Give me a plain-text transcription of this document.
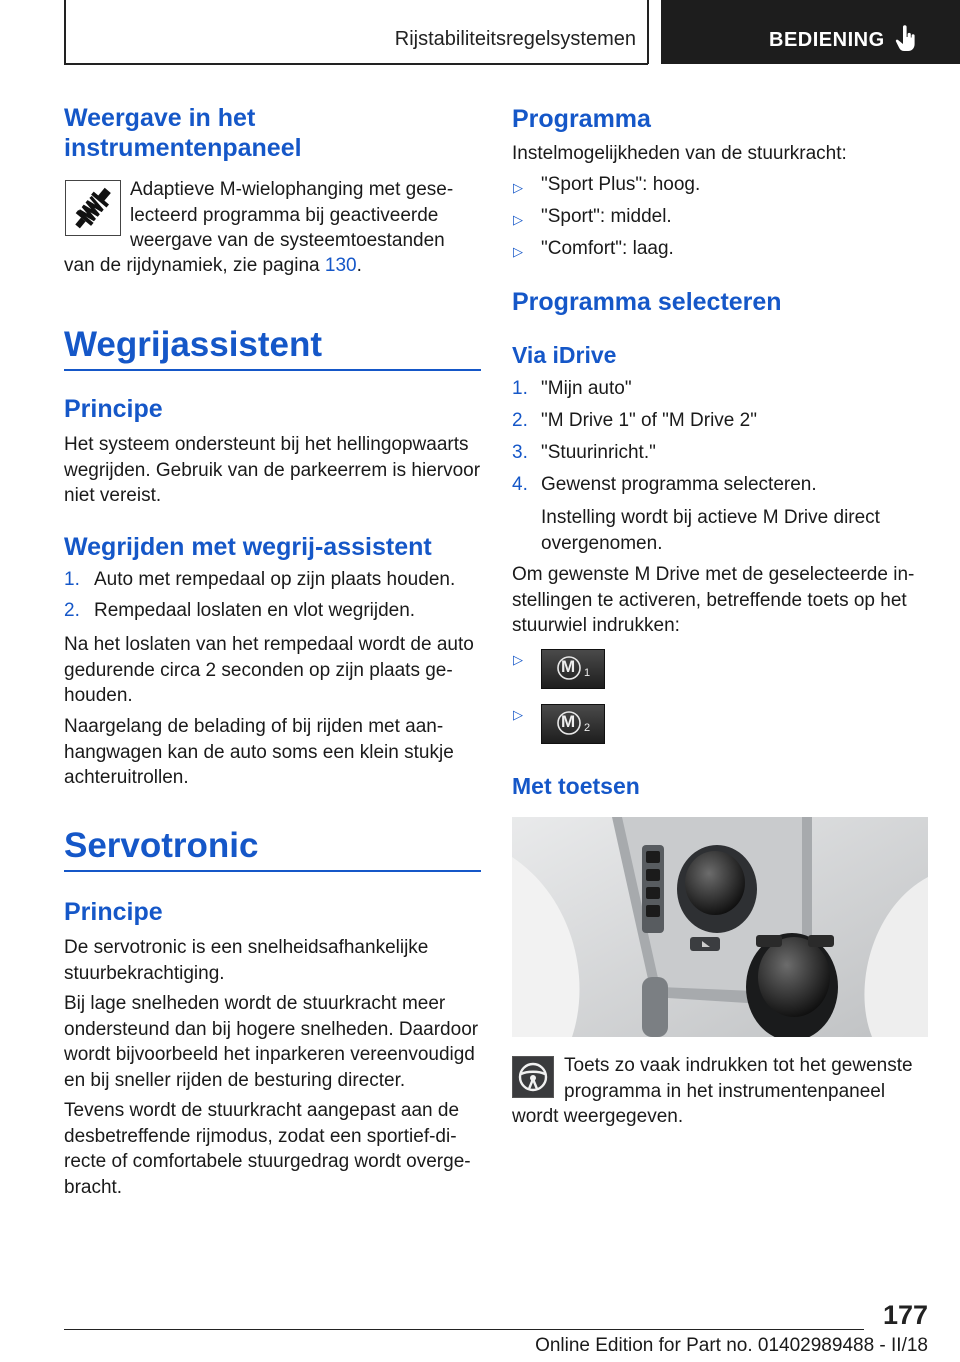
Rijstabiliteitsregelsystemen	BEDIENING
Weergave in het
instrumentenpaneel
Adaptieve M-wielophanging met gese‐
lecteerd programma bij geactiveerde
weergave van de systeemtoestanden
van de rijdynamiek, zie pagina 130.
Wegrijassistent
Principe
Het systeem ondersteunt bij het hellingopwaarts
wegrijden. Gebruik van de parkeerrem is hiervoor
niet vereist.
Wegrijden met wegrij-assistent
1. Auto met rempedaal op zijn plaats houden.
2. Rempedaal loslaten en vlot wegrijden.
Na het loslaten van het rempedaal wordt de auto
gedurende circa 2 seconden op zijn plaats ge‐
houden.
Naargelang de belading of bij rijden met aan‐
hangwagen kan de auto soms een klein stukje
achteruitrollen.
Servotronic
Principe
De servotronic is een snelheidsafhankelijke
stuurbekrachtiging.
Bij lage snelheden wordt de stuurkracht meer
ondersteund dan bij hogere snelheden. Daardoor
wordt bijvoorbeeld het inparkeren vereenvoudigd
en bij sneller rijden de besturing directer.
Tevens wordt de stuurkracht aangepast aan de
desbetreffende rijmodus, zodat een sportief-di‐
recte of comfortabele stuurgedrag wordt overge‐
bracht.
Programma
Instelmogelijkheden van de stuurkracht:
▷ "Sport Plus": hoog.
▷ "Sport": middel.
▷ "Comfort": laag.
Programma selecteren
Via iDrive
1. "Mijn auto"
2. "M Drive 1" of "M Drive 2"
3. "Stuurinricht."
4. Gewenst programma selecteren.
Instelling wordt bij actieve M Drive direct
overgenomen.
Om gewenste M Drive met de geselecteerde in‐
stellingen te activeren, betreffende toets op het
stuurwiel indrukken:
▷ M 1
▷ M 2
Met toetsen
Toets zo vaak indrukken tot het gewenste
programma in het instrumentenpaneel
wordt weergegeven.
177
Online Edition for Part no. 01402989488 - II/18
